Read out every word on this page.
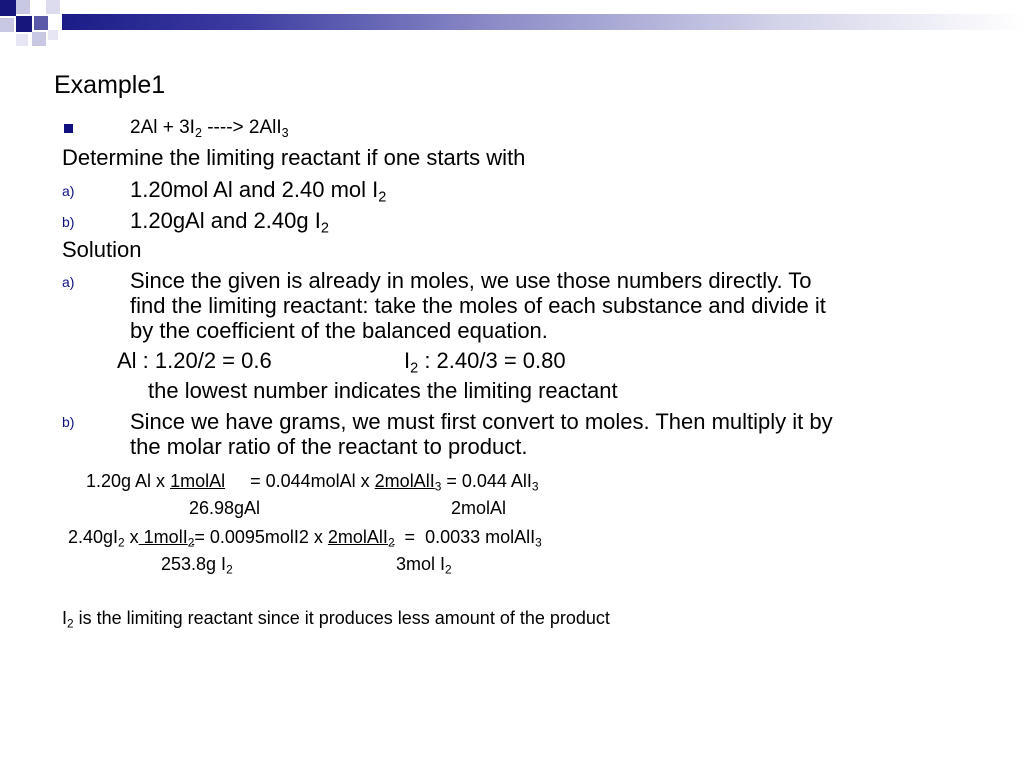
Example1
$2Al + 3I_2$ ----> 2AlI$_3$
Determine the limiting reactant if one starts with
a)	1.20mol Al and 2.40 mol $I_2$
b)	1.20gAl and 2.40g $I_2$
Solution
a)	Since the given is already in moles, we use those numbers directly. To
find the limiting reactant: take the moles of each substance and divide it
by the coefficient of the balanced equation.
Al : 1.20/2 = 0.6	$I_2$ : 2.40/3 = 0.80
the lowest number indicates the limiting reactant
b)	Since we have grams, we must first convert to moles. Then multiply it by
the molar ratio of the reactant to product.
1.20g Al x 1molAl     = 0.044molAl x 2molAlI$_3$ = 0.044 AlI$_3$
26.98gAl	2molAl
$2.40gI_2$ x 1molI$_2$= 0.0095molI2 x 2molAlI$_2$  =  0.0033 molAlI$_3$
253.8g $I_2$	3mol $I_2$
$I_2$ is the limiting reactant since it produces less amount of the product
